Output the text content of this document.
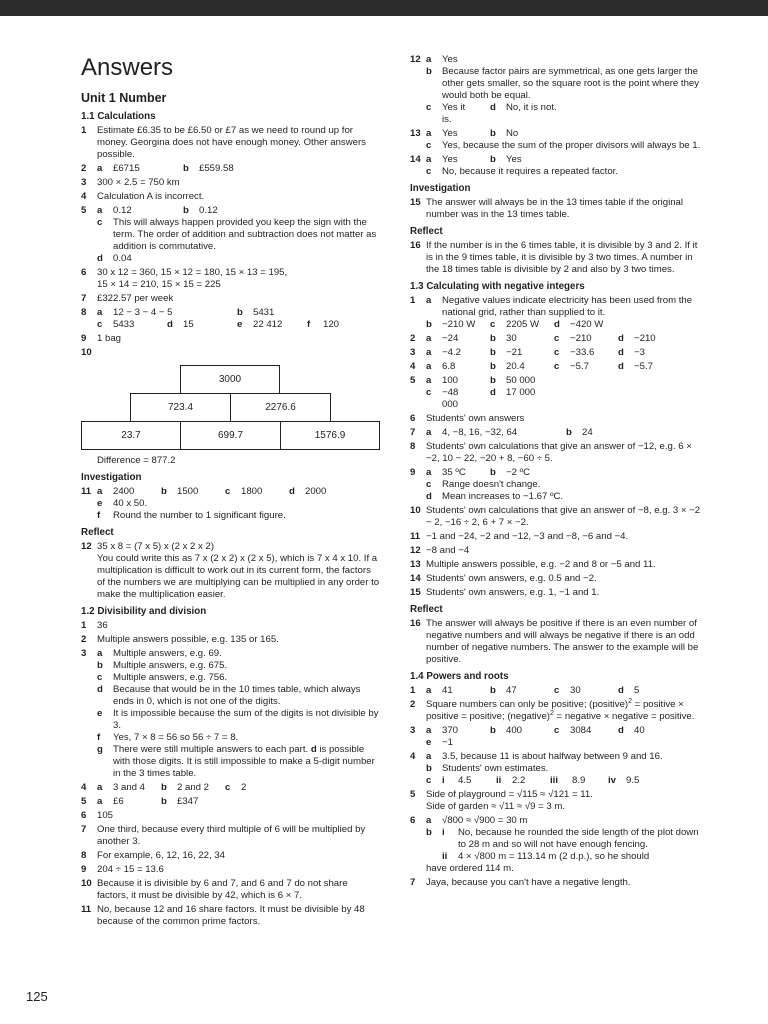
Answers
Unit 1 Number
1.1 Calculations
1 Estimate £6.35 to be £6.50 or £7 as we need to round up for money. Georgina does not have enough money. Other answers possible.
2 a	£6715	b	£559.58
3 300 × 2.5 = 750 km
4 Calculation A is incorrect.
5 a	0.12	b	0.12
c This will always happen provided you keep the sign with the term. The order of addition and subtraction does not matter as addition is commutative.
d 0.04
6 30 x 12 = 360, 15 × 12 = 180, 15 × 13 = 195,
15 × 14 = 210, 15 × 15 = 225
7 £322.57 per week
8 a	12 − 3 − 4 − 5	b	5431
c	5433	d	15	e	22 412	f	120
9 1 bag
10
3000
723.4	2276.6
23.7	699.7	1576.9
Difference = 877.2
Investigation
11 a	2400	b	1500	c	1800	d	2000
e 40 x 50.
f Round the number to 1 significant figure.
Reflect
12 35 x 8 = (7 x 5) x (2 x 2 x 2)
You could write this as 7 x (2 x 2) x (2 x 5), which is 7 x 4 x 10. If a multiplication is difficult to work out in its current form, the factors of the numbers we are multiplying can be multiplied in any order to make the multiplication easier.
1.2 Divisibility and division
1 36
2 Multiple answers possible, e.g. 135 or 165.
3 a Multiple answers, e.g. 69.
b Multiple answers, e.g. 675.
c Multiple answers, e.g. 756.
d Because that would be in the 10 times table, which always ends in 0, which is not one of the digits.
e It is impossible because the sum of the digits is not divisible by 3.
f Yes, 7 × 8 = 56 so 56 ÷ 7 = 8.
g There were still multiple answers to each part. d is possible with those digits. It is still impossible to make a 5-digit number in the 3 times table.
4 a	3 and 4	b	2 and 2	c	2
5 a	£6	b	£347
6 105
7 One third, because every third multiple of 6 will be multiplied by another 3.
8 For example, 6, 12, 16, 22, 34
9 204 ÷ 15 = 13.6
10 Because it is divisible by 6 and 7, and 6 and 7 do not share factors, it must be divisible by 42, which is 6 × 7.
11 No, because 12 and 16 share factors. It must be divisible by 48 because of the common prime factors.
12 a Yes
b Because factor pairs are symmetrical, as one gets larger the other gets smaller, so the square root is the point where they would both be equal.
c	Yes it is.
d	No, it is not.
13 a	Yes	b	No
c Yes, because the sum of the proper divisors will always be 1.
14 a	Yes	b	Yes
c No, because it requires a repeated factor.
Investigation
15 The answer will always be in the 13 times table if the original number was in the 13 times table.
Reflect
16 If the number is in the 6 times table, it is divisible by 3 and 2. If it is in the 9 times table, it is divisible by 3 two times. A number in the 18 times table is divisible by 2 and also by 3 two times.
1.3 Calculating with negative integers
1 a Negative values indicate electricity has been used from the national grid, rather than supplied to it.
b	−210 W	c	2205 W	d	−420 W
2 a	−24	b	30	c	−210	d	−210
3 a	−4.2	b	−21	c	−33.6	d	−3
4 a	6.8	b	20.4	c	−5.7	d	−5.7
5 a	100	b	50 000
c	−48 000
d	17 000
6 Students' own answers
7 a	4, −8, 16, −32, 64	b	24
8 Students' own calculations that give an answer of −12, e.g. 6 × −2, 10 − 22, −20 + 8, −60 ÷ 5.
9 a	35 ºC	b	−2 ºC
c Range doesn't change.
d Mean increases to −1.67 ºC.
10 Students' own calculations that give an answer of −8, e.g. 3 × −2 − 2, −16 ÷ 2, 6 + 7 × −2.
11 −1 and −24, −2 and −12, −3 and −8, −6 and −4.
12 −8 and −4
13 Multiple answers possible, e.g. −2 and 8 or −5 and 11.
14 Students' own answers, e.g. 0.5 and −2.
15 Students' own answers, e.g. 1, −1 and 1.
Reflect
16 The answer will always be positive if there is an even number of negative numbers and will always be negative if there is an odd number of negative numbers. The answer to the example will be positive.
1.4 Powers and roots
1 a	41	b	47	c	30	d	5
2 Square numbers can only be positive; (positive)$^2$ = positive ×
positive = positive; (negative)$^2$ = negative × negative = positive.
3 a	370	b	400	c	3084	d	40
e −1
4 a 3.5, because 11 is about halfway between 9 and 16.
b Students' own estimates.
c	i	4.5	ii	2.2	iii	8.9	iv	9.5
5 Side of playground = √115 ≈ √121 = 11.
Side of garden ≈ √11 ≈ √9 = 3 m.
6 a √800 ≈ √900 = 30 m
b i No, because he rounded the side length of the plot down to 28 m and so will not have enough fencing.
ii 4 × √800 m = 113.14 m (2 d.p.), so he should
have ordered 114 m.
7 Jaya, because you can't have a negative length.
125
